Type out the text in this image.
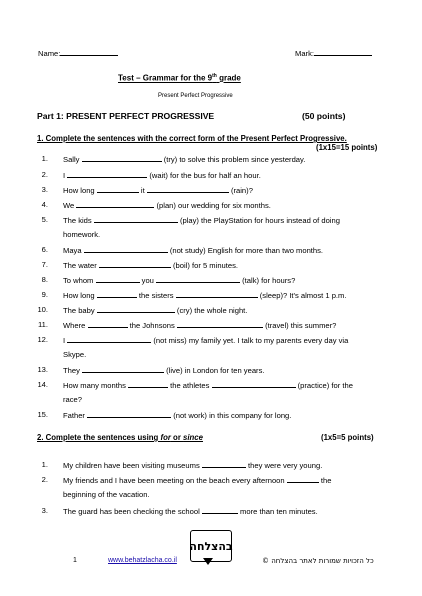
Name:	Mark:
Test – Grammar for the 9th grade
Present Perfect Progressive
Part 1: PRESENT PERFECT PROGRESSIVE	(50 points)
1. Complete the sentences with the correct form of the Present Perfect Progressive.
(1x15=15 points)
1. Sally	(try) to solve this problem since yesterday.
2. I	(wait) for the bus for half an hour.
3. How long	it	(rain)?
4. We	(plan) our wedding for six months.
5. The kids	(play) the PlayStation for hours instead of doing
homework.
6. Maya	(not study) English for more than two months.
7. The water	(boil) for 5 minutes.
8. To whom	you	(talk) for hours?
9. How long	the sisters	(sleep)? It's almost 1 p.m.
10. The baby	(cry) the whole night.
11. Where	the Johnsons	(travel) this summer?
12. I	(not miss) my family yet. I talk to my parents every day via
Skype.
13. They	(live) in London for ten years.
14. How many months	the athletes	(practice) for the
race?
15. Father	(not work) in this company for long.
2. Complete the sentences using for or since	(1x5=5 points)
1. My children have been visiting museums	they were very young.
2. My friends and I have been meeting on the beach every afternoon	the
beginning of the vacation.
3. The guard has been checking the school	more than ten minutes.
בהצלחה
1	www.behatzlacha.co.il	כל הזכויות שמורות לאתר בהצלחה ©
